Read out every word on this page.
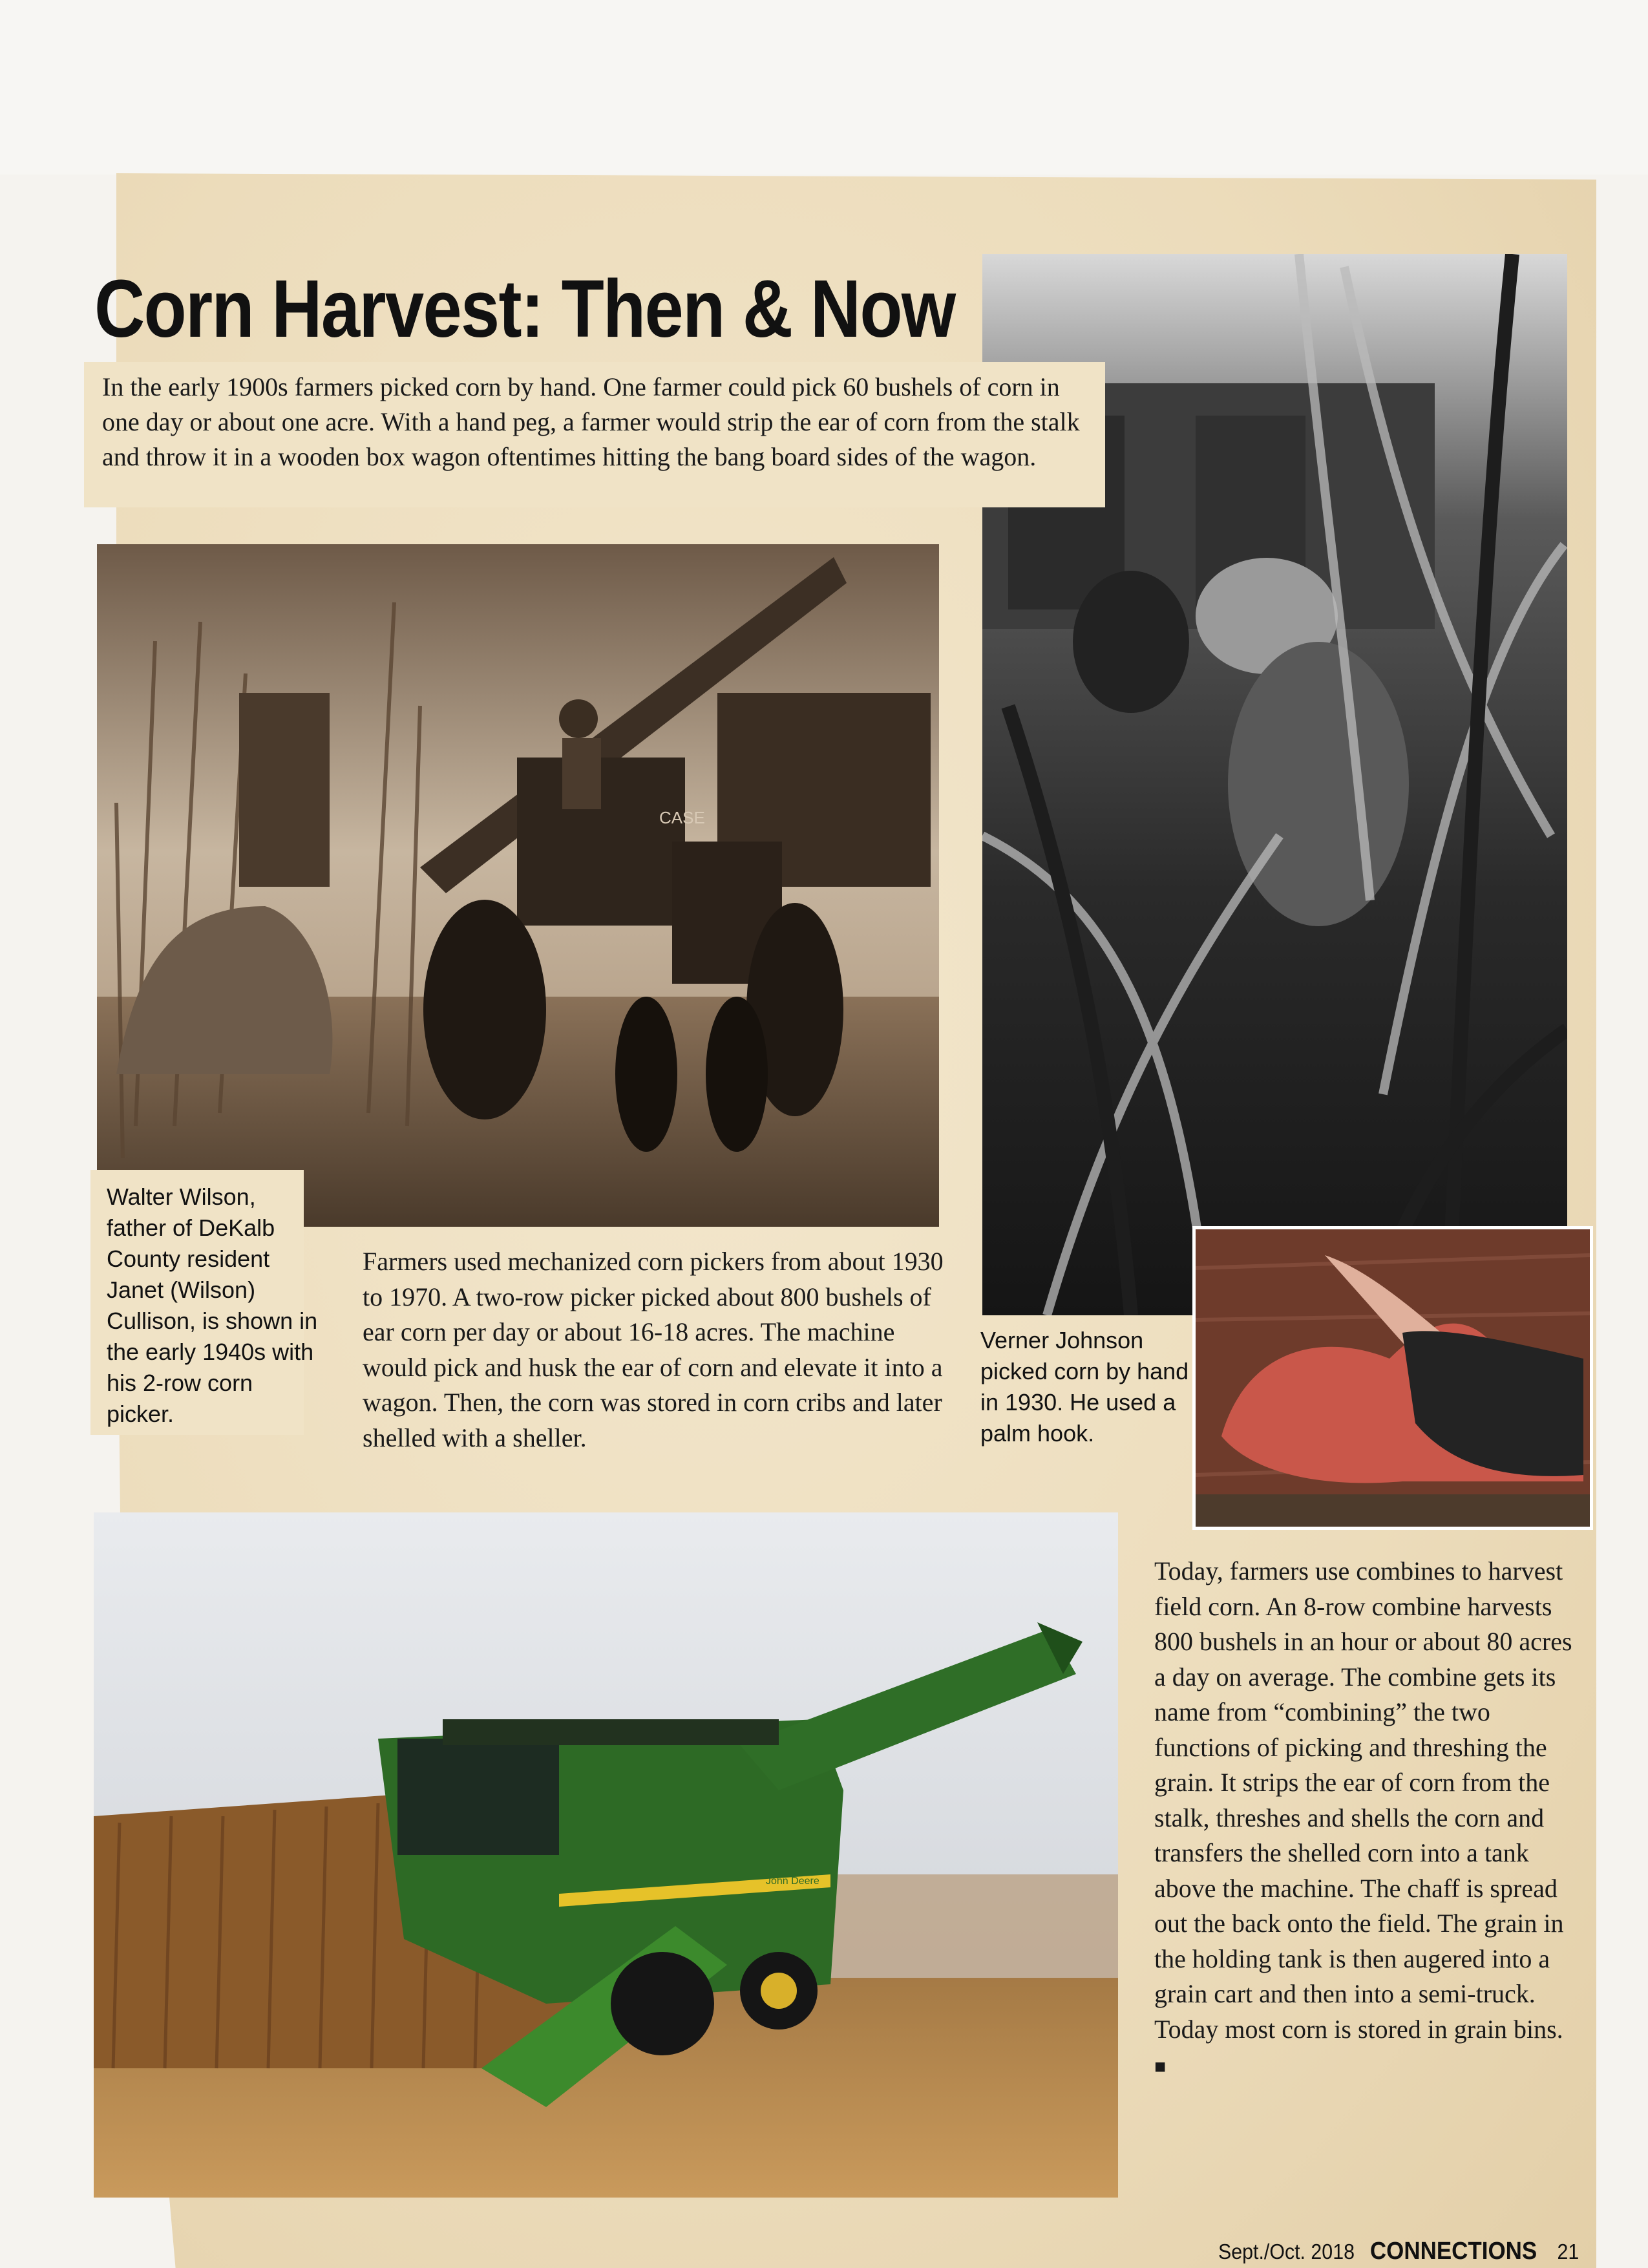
Corn Harvest: Then & Now

In the early 1900s farmers picked corn by hand. One farmer could pick 60 bushels of corn in one day or about one acre. With a hand peg, a farmer would strip the ear of corn from the stalk and throw it in a wooden box wagon oftentimes hitting the bang board sides of the wagon.

CASE

Walter Wilson, father of DeKalb County resident Janet (Wilson) Cullison, is shown in the early 1940s with his 2-row corn picker.

Farmers used mechanized corn pickers from about 1930 to 1970. A two-row picker picked about 800 bushels of ear corn per day or about 16-18 acres. The machine would pick and husk the ear of corn and elevate it into a wagon. Then, the corn was stored in corn cribs and later shelled with a sheller.

Verner Johnson picked corn by hand in 1930. He used a palm hook.

John Deere

Today, farmers use combines to harvest field corn. An 8-row combine harvests 800 bushels in an hour or about 80 acres a day on average. The combine gets its name from “combining” the two functions of picking and threshing the grain. It strips the ear of corn from the stalk, threshes and shells the corn and transfers the shelled corn into a tank above the machine. The chaff is spread out the back onto the field. The grain in the holding tank is then augered into a grain cart and then into a semi-truck. Today most corn is stored in grain bins. ■

Sept./Oct. 2018 CONNECTIONS 21
